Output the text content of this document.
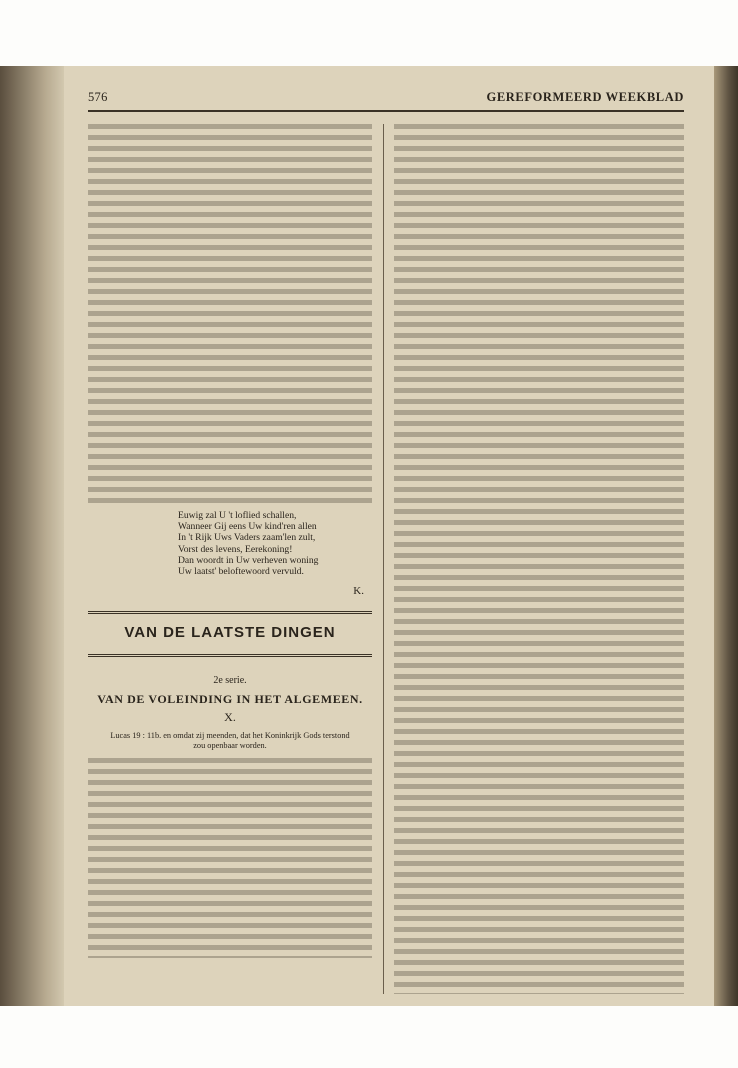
576	GEREFORMEERD WEEKBLAD
Euwig zal U 't loflied schallen,
Wanneer Gij eens Uw kind'ren allen
In 't Rijk Uws Vaders zaam'len zult,
Vorst des levens, Eerekoning!
Dan woordt in Uw verheven woning
Uw laatst' beloftewoord vervuld.
K.
VAN DE LAATSTE DINGEN
2e serie.
VAN DE VOLEINDING IN HET ALGEMEEN.
X.
Lucas 19 : 11b. en omdat zij meenden, dat het Koninkrijk Gods terstond zou openbaar worden.
